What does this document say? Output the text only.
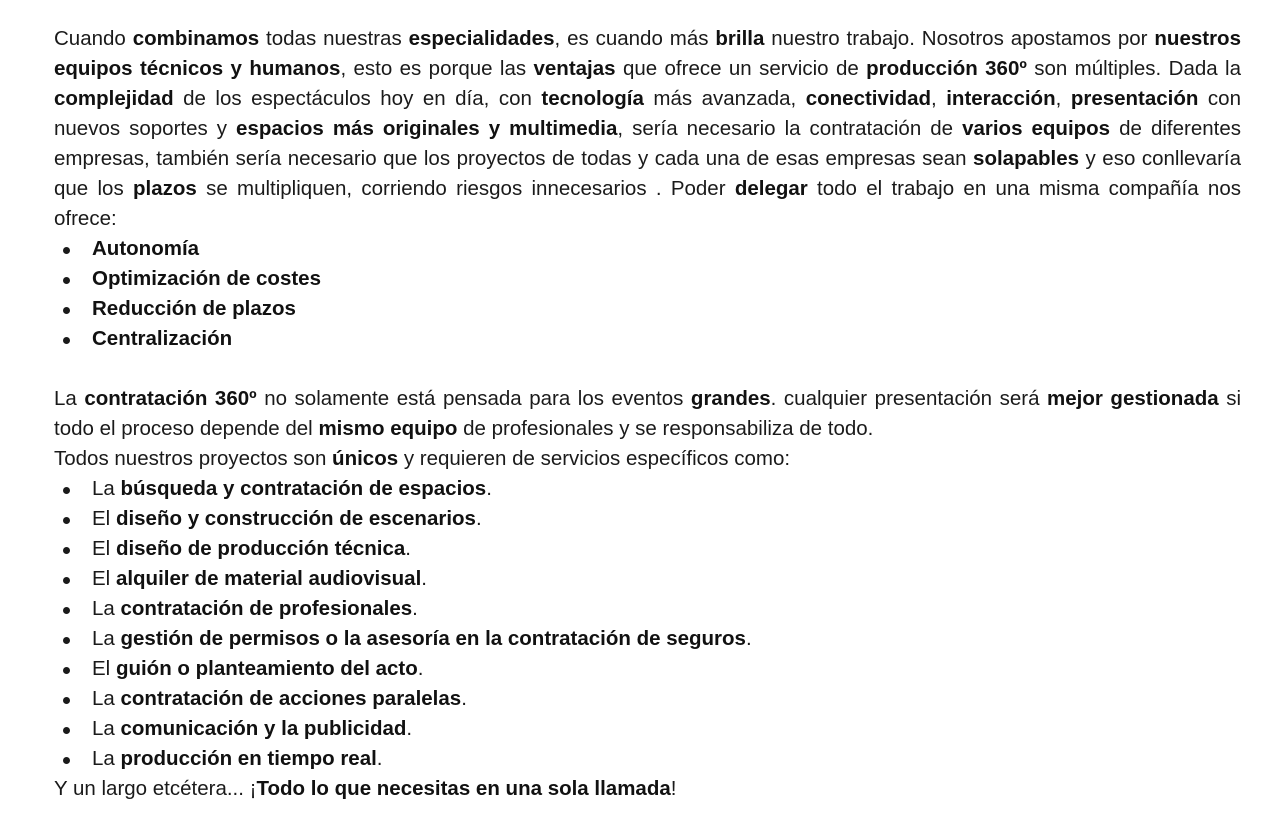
Cuando combinamos todas nuestras especialidades, es cuando más brilla nuestro trabajo. Nosotros apostamos por nuestros equipos técnicos y humanos, esto es porque las ventajas que ofrece un servicio de producción 360º son múltiples. Dada la complejidad de los espectáculos hoy en día, con tecnología más avanzada, conectividad, interacción, presentación con nuevos soportes y espacios más originales y multimedia, sería necesario la contratación de varios equipos de diferentes empresas, también sería necesario que los proyectos de todas y cada una de esas empresas sean solapables y eso conllevaría que los plazos se multipliquen, corriendo riesgos innecesarios . Poder delegar todo el trabajo en una misma compañía nos ofrece:

Autonomía
Optimización de costes
Reducción de plazos
Centralización

La contratación 360º no solamente está pensada para los eventos grandes. cualquier presentación será mejor gestionada si todo el proceso depende del mismo equipo de profesionales y se responsabiliza de todo.

Todos nuestros proyectos son únicos y requieren de servicios específicos como:

La búsqueda y contratación de espacios.
El diseño y construcción de escenarios.
El diseño de producción técnica.
El alquiler de material audiovisual.
La contratación de profesionales.
La gestión de permisos o la asesoría en la contratación de seguros.
El guión o planteamiento del acto.
La contratación de acciones paralelas.
La comunicación y la publicidad.
La producción en tiempo real.

Y un largo etcétera... ¡Todo lo que necesitas en una sola llamada!
